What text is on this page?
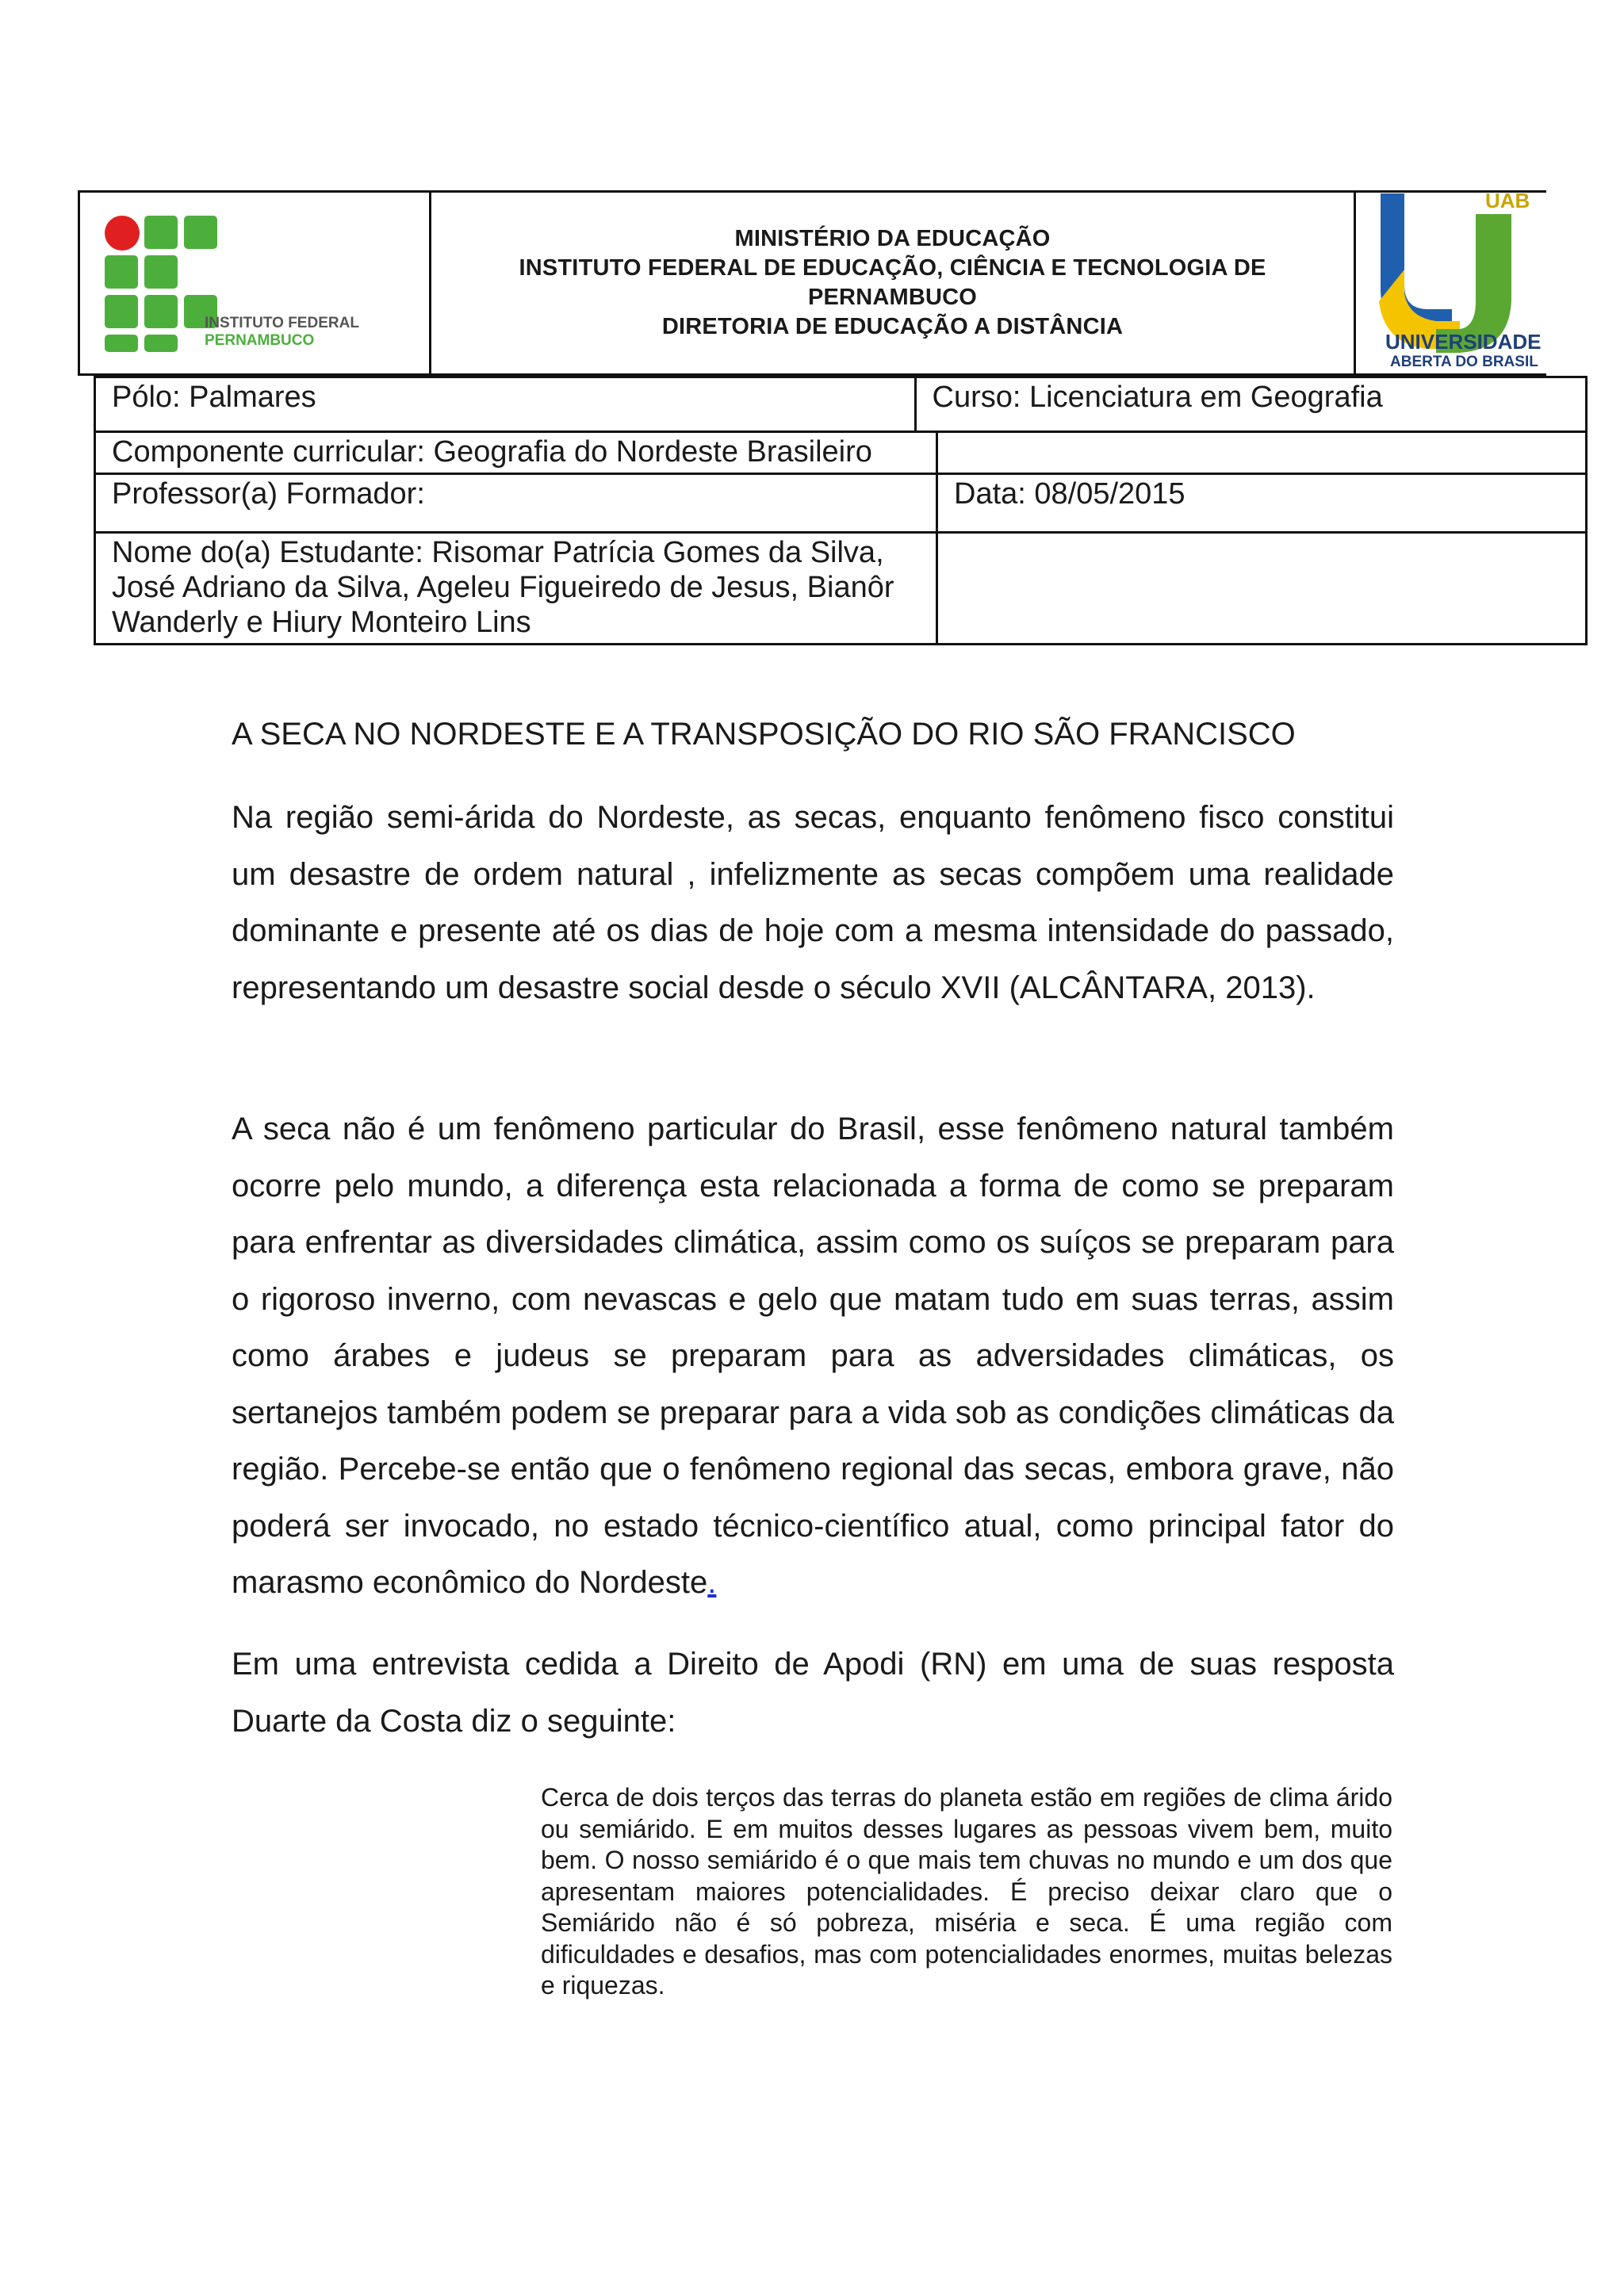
MINISTÉRIO DA EDUCAÇÃO
INSTITUTO FEDERAL DE EDUCAÇÃO, CIÊNCIA E TECNOLOGIA DE
PERNAMBUCO
DIRETORIA DE EDUCAÇÃO A DISTÂNCIA
INSTITUTO FEDERAL
PERNAMBUCO
UAB
UNIVERSIDADE
ABERTA DO BRASIL
Pólo: Palmares	Curso: Licenciatura em Geografia
Componente curricular: Geografia do Nordeste Brasileiro	
Professor(a) Formador:	Data: 08/05/2015
Nome do(a) Estudante: Risomar Patrícia Gomes da Silva, José Adriano da Silva, Ageleu Figueiredo de Jesus, Bianôr Wanderly e Hiury Monteiro Lins	
A SECA NO NORDESTE E A TRANSPOSIÇÃO DO RIO SÃO FRANCISCO
Na região semi-árida do Nordeste, as secas, enquanto fenômeno fisco constitui um desastre de ordem natural , infelizmente as secas compõem uma realidade dominante e presente até os dias de hoje com a mesma intensidade do passado, representando um desastre social desde o século XVII (ALCÂNTARA, 2013).
A seca não é um fenômeno particular do Brasil, esse fenômeno natural também ocorre pelo mundo, a diferença esta relacionada a forma de como se preparam para enfrentar as diversidades climática, assim como os suíços se preparam para o rigoroso inverno, com nevascas e gelo que matam tudo em suas terras, assim como árabes e judeus se preparam para as adversidades climáticas, os sertanejos também podem se preparar para a vida sob as condições climáticas da região. Percebe-se então que o fenômeno regional das secas, embora grave, não poderá ser invocado, no estado técnico-científico atual, como principal fator do marasmo econômico do Nordeste.
Em uma entrevista cedida a Direito de Apodi (RN) em uma de suas resposta Duarte da Costa diz o seguinte:
Cerca de dois terços das terras do planeta estão em regiões de clima árido ou semiárido. E em muitos desses lugares as pessoas vivem bem, muito bem. O nosso semiárido é o que mais tem chuvas no mundo e um dos que apresentam maiores potencialidades. É preciso deixar claro que o Semiárido não é só pobreza, miséria e seca. É uma região com dificuldades e desafios, mas com potencialidades enormes, muitas belezas e riquezas.
